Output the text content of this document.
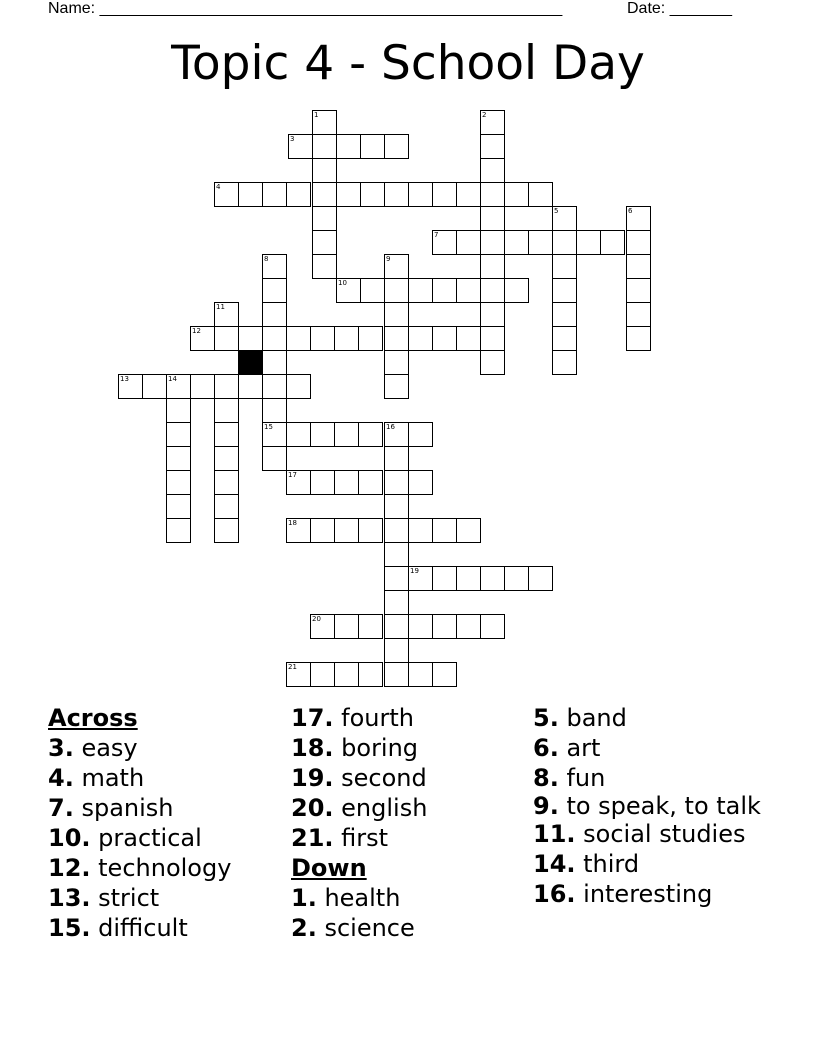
Name: ____________________________________________________	Date: _______
Topic 4 - School Day
1	2
3
4
5	6
7
8	9
10
11
12
13	14
15	16
17
18
19
20
21
Across
3. easy
4. math
7. spanish
10. practical
12. technology
13. strict
15. difficult
17. fourth
18. boring
19. second
20. english
21. first
Down
1. health
2. science
5. band
6. art
8. fun
9. to speak, to talk
11. social studies
14. third
16. interesting
